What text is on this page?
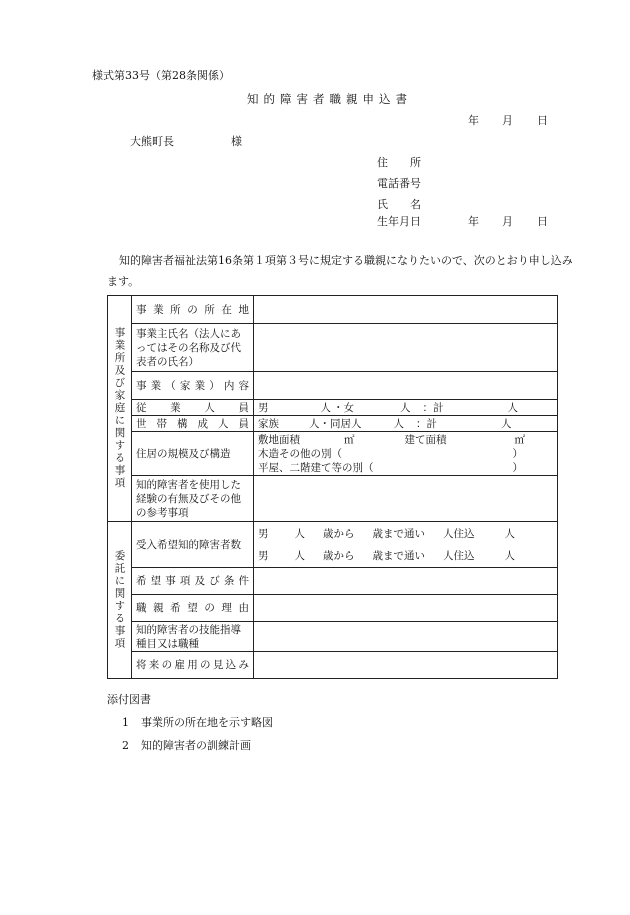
様式第33号（第28条関係）
知的障害者職親申込書
年 月 日
大熊町長	様
住　　所
電話番号
氏　　名
生年月日	年 月 日
知的障害者福祉法第16条第１項第３号に規定する職親になりたいので、次のとおり申し込みます。
事業所及び家庭に関する事項	事業所の所在地	

	事業主氏名（法人にあってはその名称及び代表者の氏名）	

	事業（家業）内容	

	従業人員	男 人 ・女 人 ：計 人

	世帯構成人員	家族 人・同居人 人 ：計 人
	住居の規模及び構造	敷地面積 ㎡ 建て面積 ㎡
木造その他の別（ ）
平屋、二階建て等の別（ ）

	知的障害者を使用した経験の有無及びその他の参考事項	
委託に関する事項	受入希望知的障害者数	男 人 歳から 歳まで通い 人住込 人
男 人 歳から 歳まで通い 人住込 人

	希望事項及び条件	

	職親希望の理由	

	知的障害者の技能指導種目又は職種	

	将来の雇用の見込み	

添付図書
1 事業所の所在地を示す略図
2 知的障害者の訓練計画
